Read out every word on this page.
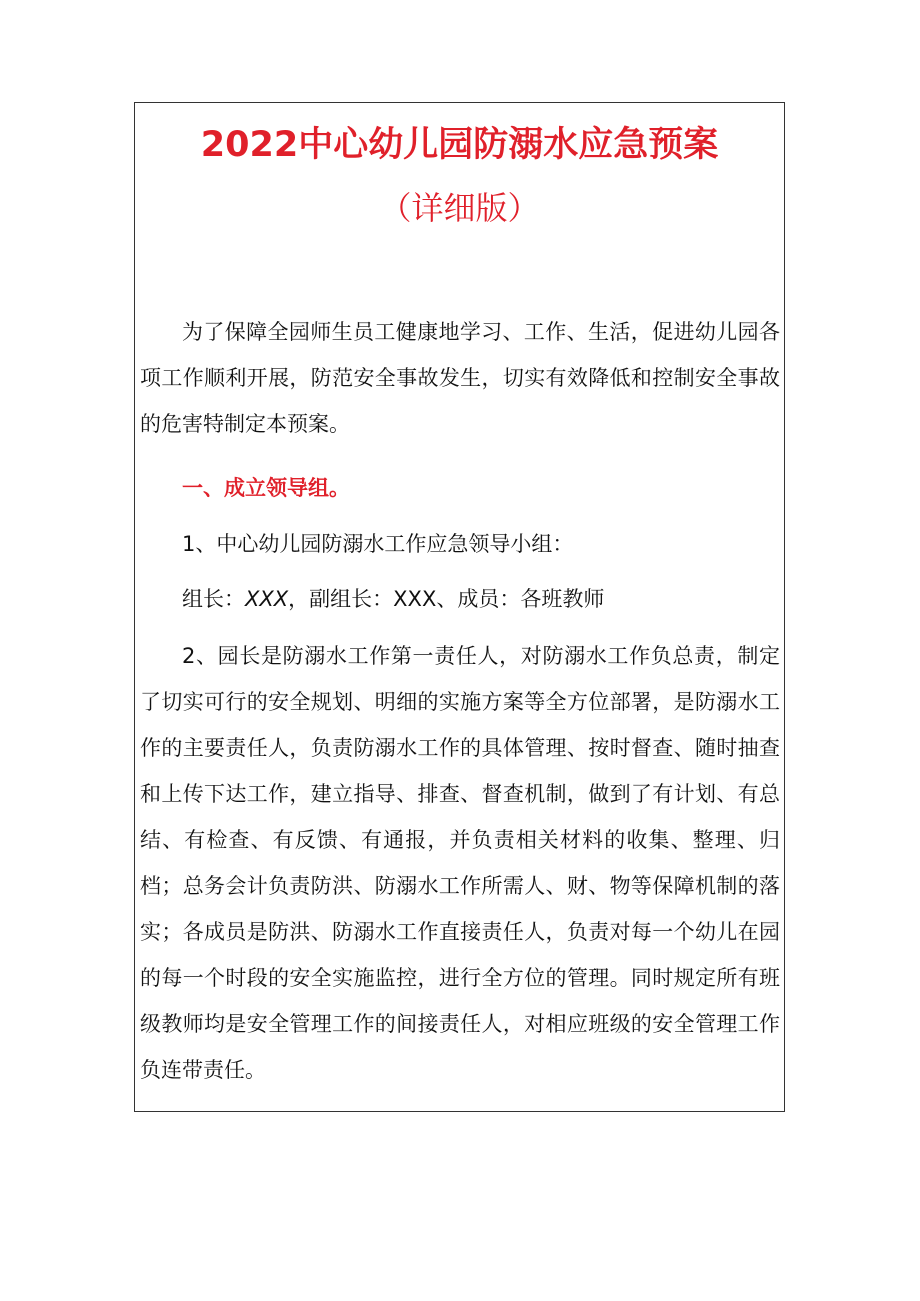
2022中心幼儿园防溺水应急预案
（详细版）

为了保障全园师生员工健康地学习、工作、生活，促进幼儿园各项工作顺利开展，防范安全事故发生，切实有效降低和控制安全事故的危害特制定本预案。

一、成立领导组。

1、中心幼儿园防溺水工作应急领导小组：

组长：XXX，副组长：XXX、成员：各班教师

2、园长是防溺水工作第一责任人，对防溺水工作负总责，制定了切实可行的安全规划、明细的实施方案等全方位部署，是防溺水工作的主要责任人，负责防溺水工作的具体管理、按时督查、随时抽查和上传下达工作，建立指导、排查、督查机制，做到了有计划、有总结、有检查、有反馈、有通报，并负责相关材料的收集、整理、归档；总务会计负责防洪、防溺水工作所需人、财、物等保障机制的落实；各成员是防洪、防溺水工作直接责任人，负责对每一个幼儿在园的每一个时段的安全实施监控，进行全方位的管理。同时规定所有班级教师均是安全管理工作的间接责任人，对相应班级的安全管理工作负连带责任。
